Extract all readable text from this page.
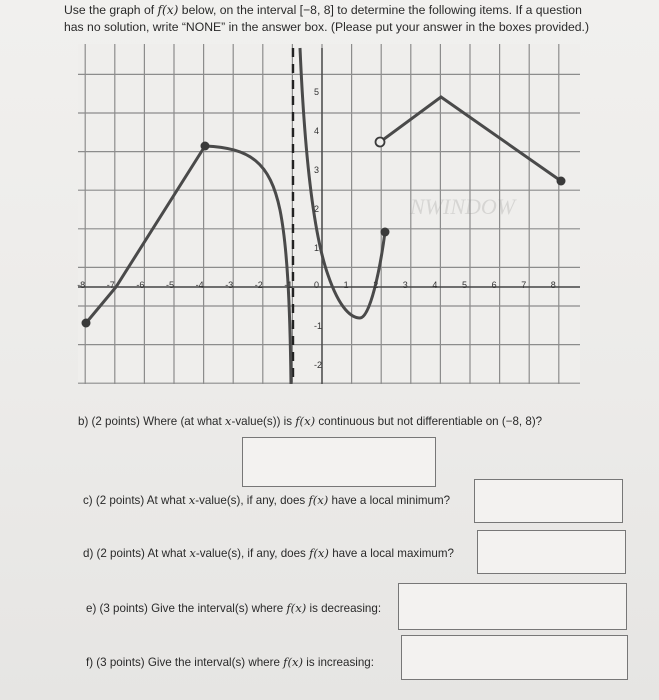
Use the graph of f(x) below, on the interval [−8, 8] to determine the following items. If a question
has no solution, write “NONE” in the answer box. (Please put your answer in the boxes provided.)

NWINDOW
-8 -7 -6 -5 -4 -3 -2 -1 0	1	2	3	4	5	6	7	8
5
4
3
2
1
-1
-2

b) (2 points) Where (at what x-value(s)) is f(x) continuous but not differentiable on (−8, 8)?

c) (2 points) At what x-value(s), if any, does f(x) have a local minimum?

d) (2 points) At what x-value(s), if any, does f(x) have a local maximum?

e) (3 points) Give the interval(s) where f(x) is decreasing:

f) (3 points) Give the interval(s) where f(x) is increasing:
